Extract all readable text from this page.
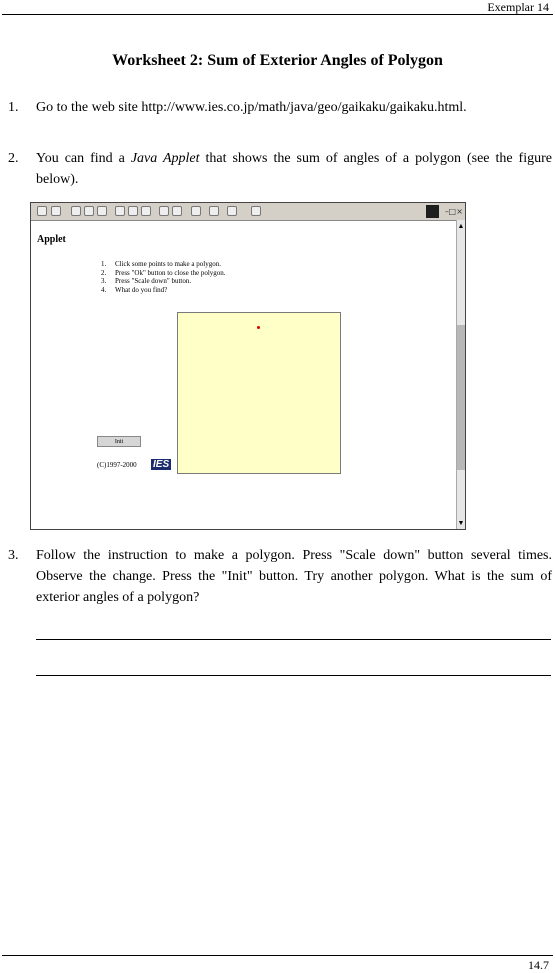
Exemplar 14
Worksheet 2: Sum of Exterior Angles of Polygon
1. Go to the web site http://www.ies.co.jp/math/java/geo/gaikaku/gaikaku.html.
2. You can find a Java Applet that shows the sum of angles of a polygon (see the figure below).
– □ ×
▲
▼
Applet
1. Click some points to make a polygon.
2. Press "Ok" button to close the polygon.
3. Press "Scale down" button.
4. What do you find?
Init
(C)1997-2000 IES
3. Follow the instruction to make a polygon. Press "Scale down" button several times. Observe the change. Press the "Init" button. Try another polygon. What is the sum of exterior angles of a polygon?
14.7
